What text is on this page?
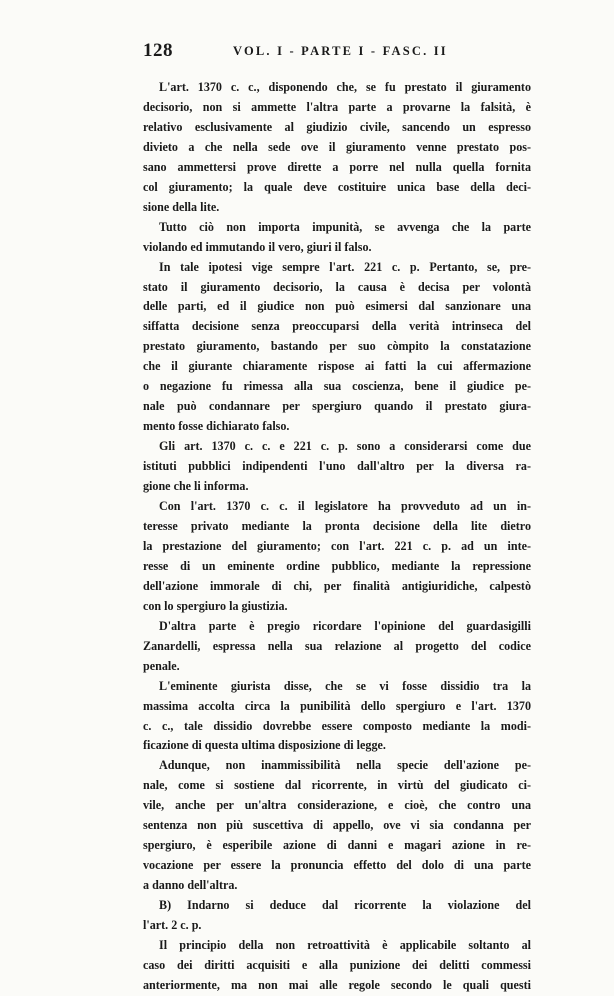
128	VOL. I - PARTE I - FASC. II
L'art. 1370 c. c., disponendo che, se fu prestato il giuramento
decisorio, non si ammette l'altra parte a provarne la falsità, è
relativo esclusivamente al giudizio civile, sancendo un espresso
divieto a che nella sede ove il giuramento venne prestato pos-
sano ammettersi prove dirette a porre nel nulla quella fornita
col giuramento; la quale deve costituire unica base della deci-
sione della lite.
Tutto ciò non importa impunità, se avvenga che la parte
violando ed immutando il vero, giuri il falso.
In tale ipotesi vige sempre l'art. 221 c. p. Pertanto, se, pre-
stato il giuramento decisorio, la causa è decisa per volontà
delle parti, ed il giudice non può esimersi dal sanzionare una
siffatta decisione senza preoccuparsi della verità intrinseca del
prestato giuramento, bastando per suo còmpito la constatazione
che il giurante chiaramente rispose ai fatti la cui affermazione
o negazione fu rimessa alla sua coscienza, bene il giudice pe-
nale può condannare per spergiuro quando il prestato giura-
mento fosse dichiarato falso.
Gli art. 1370 c. c. e 221 c. p. sono a considerarsi come due
istituti pubblici indipendenti l'uno dall'altro per la diversa ra-
gione che li informa.
Con l'art. 1370 c. c. il legislatore ha provveduto ad un in-
teresse privato mediante la pronta decisione della lite dietro
la prestazione del giuramento; con l'art. 221 c. p. ad un inte-
resse di un eminente ordine pubblico, mediante la repressione
dell'azione immorale di chi, per finalità antigiuridiche, calpestò
con lo spergiuro la giustizia.
D'altra parte è pregio ricordare l'opinione del guardasigilli
Zanardelli, espressa nella sua relazione al progetto del codice
penale.
L'eminente giurista disse, che se vi fosse dissidio tra la
massima accolta circa la punibilità dello spergiuro e l'art. 1370
c. c., tale dissidio dovrebbe essere composto mediante la modi-
ficazione di questa ultima disposizione di legge.
Adunque, non inammissibilità nella specie dell'azione pe-
nale, come si sostiene dal ricorrente, in virtù del giudicato ci-
vile, anche per un'altra considerazione, e cioè, che contro una
sentenza non più suscettiva di appello, ove vi sia condanna per
spergiuro, è esperibile azione di danni e magari azione in re-
vocazione per essere la pronuncia effetto del dolo di una parte
a danno dell'altra.
B) Indarno si deduce dal ricorrente la violazione del
l'art. 2 c. p.
Il principio della non retroattività è applicabile soltanto al
caso dei diritti acquisiti e alla punizione dei delitti commessi
anteriormente, ma non mai alle regole secondo le quali questi
